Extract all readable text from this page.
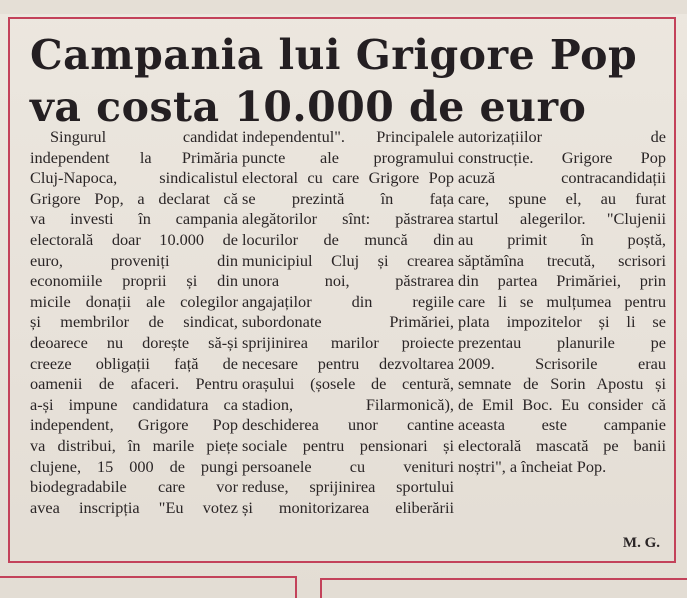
Campania lui Grigore Pop
va costa 10.000 de euro
Singurul candidat
independent la Primăria
Cluj-Napoca, sindicalistul
Grigore Pop, a declarat că
va investi în campania
electorală doar 10.000 de
euro, proveniți din
economiile proprii și din
micile donații ale colegilor
și membrilor de sindicat,
deoarece nu dorește să-și
creeze obligații față de
oamenii de afaceri. Pentru
a-și impune candidatura ca
independent, Grigore Pop
va distribui, în marile piețe
clujene, 15 000 de pungi
biodegradabile care vor
avea inscripția "Eu votez
independentul". Principalele
puncte ale programului
electoral cu care Grigore Pop
se prezintă în fața
alegătorilor sînt: păstrarea
locurilor de muncă din
municipiul Cluj și crearea
unora noi, păstrarea
angajaților din regiile
subordonate Primăriei,
sprijinirea marilor proiecte
necesare pentru dezvoltarea
orașului (șosele de centură,
stadion, Filarmonică),
deschiderea unor cantine
sociale pentru pensionari și
persoanele cu venituri
reduse, sprijinirea sportului
și monitorizarea eliberării
autorizațiilor de
construcție. Grigore Pop
acuză contracandidații
care, spune el, au furat
startul alegerilor. "Clujenii
au primit în poștă,
săptămîna trecută, scrisori
din partea Primăriei, prin
care li se mulțumea pentru
plata impozitelor și li se
prezentau planurile pe
2009. Scrisorile erau
semnate de Sorin Apostu și
de Emil Boc. Eu consider că
aceasta este campanie
electorală mascată pe banii
noștri", a încheiat Pop.
M. G.
